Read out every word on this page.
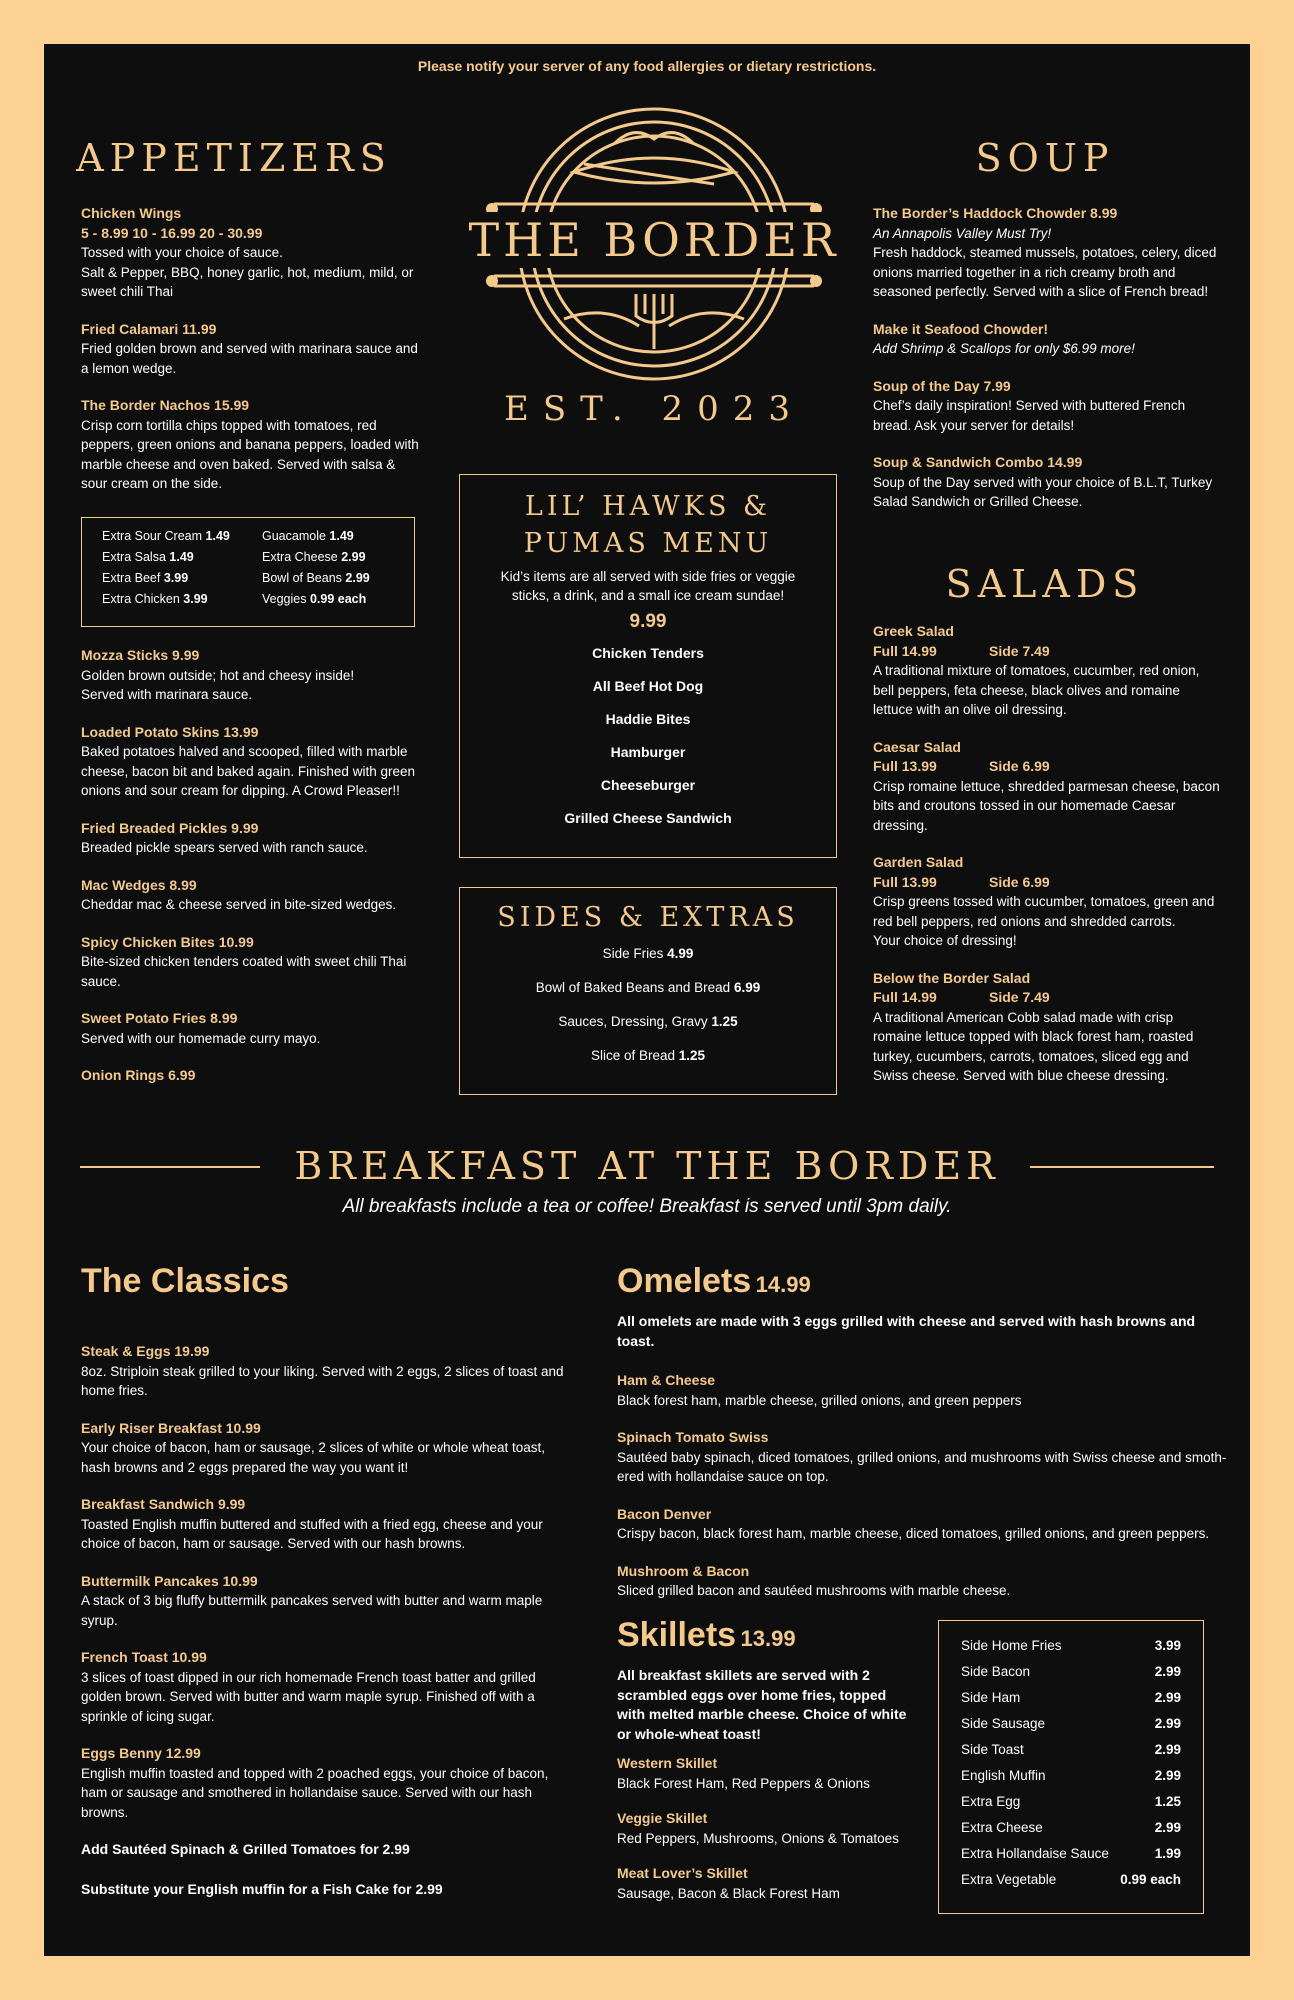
Please notify your server of any food allergies or dietary restrictions.
APPETIZERS
Chicken Wings
5 - 8.99 10 - 16.99 20 - 30.99
Tossed with your choice of sauce.
Salt & Pepper, BBQ, honey garlic, hot, medium, mild, or sweet chili Thai
Fried Calamari 11.99
Fried golden brown and served with marinara sauce and a lemon wedge.
The Border Nachos 15.99
Crisp corn tortilla chips topped with tomatoes, red peppers, green onions and banana peppers, loaded with marble cheese and oven baked. Served with salsa & sour cream on the side.
Extra Sour Cream 1.49	Guacamole 1.49
Extra Salsa 1.49	Extra Cheese 2.99
Extra Beef 3.99	Bowl of Beans 2.99
Extra Chicken 3.99	Veggies 0.99 each
Mozza Sticks 9.99
Golden brown outside; hot and cheesy inside!
Served with marinara sauce.
Loaded Potato Skins 13.99
Baked potatoes halved and scooped, filled with marble cheese, bacon bit and baked again. Finished with green onions and sour cream for dipping. A Crowd Pleaser!!
Fried Breaded Pickles 9.99
Breaded pickle spears served with ranch sauce.
Mac Wedges 8.99
Cheddar mac & cheese served in bite-sized wedges.
Spicy Chicken Bites 10.99
Bite-sized chicken tenders coated with sweet chili Thai sauce.
Sweet Potato Fries 8.99
Served with our homemade curry mayo.
Onion Rings 6.99
THE BORDER
EST. 2023
LIL’ HAWKS &
PUMAS MENU
Kid’s items are all served with side fries or veggie sticks, a drink, and a small ice cream sundae!
9.99
Chicken Tenders
All Beef Hot Dog
Haddie Bites
Hamburger
Cheeseburger
Grilled Cheese Sandwich
SIDES & EXTRAS
Side Fries 4.99
Bowl of Baked Beans and Bread 6.99
Sauces, Dressing, Gravy 1.25
Slice of Bread 1.25
SOUP
The Border’s Haddock Chowder 8.99
An Annapolis Valley Must Try!
Fresh haddock, steamed mussels, potatoes, celery, diced onions married together in a rich creamy broth and seasoned perfectly. Served with a slice of French bread!
Make it Seafood Chowder!
Add Shrimp & Scallops for only $6.99 more!
Soup of the Day 7.99
Chef’s daily inspiration! Served with buttered French bread. Ask your server for details!
Soup & Sandwich Combo 14.99
Soup of the Day served with your choice of B.L.T, Turkey Salad Sandwich or Grilled Cheese.
SALADS
Greek Salad
Full 14.99	Side 7.49
A traditional mixture of tomatoes, cucumber, red onion, bell peppers, feta cheese, black olives and romaine lettuce with an olive oil dressing.
Caesar Salad
Full 13.99	Side 6.99
Crisp romaine lettuce, shredded parmesan cheese, bacon bits and croutons tossed in our homemade Caesar dressing.
Garden Salad
Full 13.99	Side 6.99
Crisp greens tossed with cucumber, tomatoes, green and red bell peppers, red onions and shredded carrots.
Your choice of dressing!
Below the Border Salad
Full 14.99	Side 7.49
A traditional American Cobb salad made with crisp romaine lettuce topped with black forest ham, roasted turkey, cucumbers, carrots, tomatoes, sliced egg and Swiss cheese. Served with blue cheese dressing.
BREAKFAST AT THE BORDER
All breakfasts include a tea or coffee! Breakfast is served until 3pm daily.
The Classics
Steak & Eggs 19.99
8oz. Striploin steak grilled to your liking. Served with 2 eggs, 2 slices of toast and home fries.
Early Riser Breakfast 10.99
Your choice of bacon, ham or sausage, 2 slices of white or whole wheat toast, hash browns and 2 eggs prepared the way you want it!
Breakfast Sandwich 9.99
Toasted English muffin buttered and stuffed with a fried egg, cheese and your choice of bacon, ham or sausage. Served with our hash browns.
Buttermilk Pancakes 10.99
A stack of 3 big fluffy buttermilk pancakes served with butter and warm maple syrup.
French Toast 10.99
3 slices of toast dipped in our rich homemade French toast batter and grilled golden brown. Served with butter and warm maple syrup. Finished off with a sprinkle of icing sugar.
Eggs Benny 12.99
English muffin toasted and topped with 2 poached eggs, your choice of bacon, ham or sausage and smothered in hollandaise sauce. Served with our hash browns.
Add Sautéed Spinach & Grilled Tomatoes for 2.99
Substitute your English muffin for a Fish Cake for 2.99
Omelets 14.99
All omelets are made with 3 eggs grilled with cheese and served with hash browns and toast.
Ham & Cheese
Black forest ham, marble cheese, grilled onions, and green peppers
Spinach Tomato Swiss
Sautéed baby spinach, diced tomatoes, grilled onions, and mushrooms with Swiss cheese and smoth-ered with hollandaise sauce on top.
Bacon Denver
Crispy bacon, black forest ham, marble cheese, diced tomatoes, grilled onions, and green peppers.
Mushroom & Bacon
Sliced grilled bacon and sautéed mushrooms with marble cheese.
Skillets 13.99
All breakfast skillets are served with 2 scrambled eggs over home fries, topped with melted marble cheese. Choice of white or whole-wheat toast!
Western Skillet
Black Forest Ham, Red Peppers & Onions
Veggie Skillet
Red Peppers, Mushrooms, Onions & Tomatoes
Meat Lover’s Skillet
Sausage, Bacon & Black Forest Ham
Side Home Fries	3.99
Side Bacon	2.99
Side Ham	2.99
Side Sausage	2.99
Side Toast	2.99
English Muffin	2.99
Extra Egg	1.25
Extra Cheese	2.99
Extra Hollandaise Sauce	1.99
Extra Vegetable	0.99 each
